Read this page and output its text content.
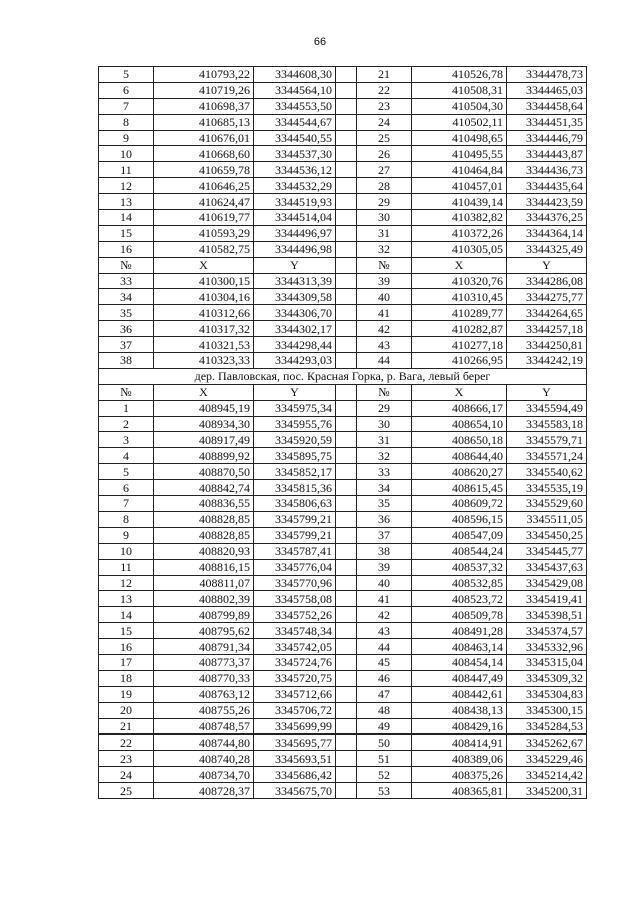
66
5	410793,22	3344608,30		21	410526,78	3344478,73
6	410719,26	3344564,10		22	410508,31	3344465,03
7	410698,37	3344553,50		23	410504,30	3344458,64
8	410685,13	3344544,67		24	410502,11	3344451,35
9	410676,01	3344540,55		25	410498,65	3344446,79
10	410668,60	3344537,30		26	410495,55	3344443,87
11	410659,78	3344536,12		27	410464,84	3344436,73
12	410646,25	3344532,29		28	410457,01	3344435,64
13	410624,47	3344519,93		29	410439,14	3344423,59
14	410619,77	3344514,04		30	410382,82	3344376,25
15	410593,29	3344496,97		31	410372,26	3344364,14
16	410582,75	3344496,98		32	410305,05	3344325,49
№	X	Y		№	X	Y
33	410300,15	3344313,39		39	410320,76	3344286,08
34	410304,16	3344309,58		40	410310,45	3344275,77
35	410312,66	3344306,70		41	410289,77	3344264,65
36	410317,32	3344302,17		42	410282,87	3344257,18
37	410321,53	3344298,44		43	410277,18	3344250,81
38	410323,33	3344293,03		44	410266,95	3344242,19
дер. Павловская, пос. Красная Горка, р. Вага, левый берег						
№	X	Y		№	X	Y
1	408945,19	3345975,34		29	408666,17	3345594,49
2	408934,30	3345955,76		30	408654,10	3345583,18
3	408917,49	3345920,59		31	408650,18	3345579,71
4	408899,92	3345895,75		32	408644,40	3345571,24
5	408870,50	3345852,17		33	408620,27	3345540,62
6	408842,74	3345815,36		34	408615,45	3345535,19
7	408836,55	3345806,63		35	408609,72	3345529,60
8	408828,85	3345799,21		36	408596,15	3345511,05
9	408828,85	3345799,21		37	408547,09	3345450,25
10	408820,93	3345787,41		38	408544,24	3345445,77
11	408816,15	3345776,04		39	408537,32	3345437,63
12	408811,07	3345770,96		40	408532,85	3345429,08
13	408802,39	3345758,08		41	408523,72	3345419,41
14	408799,89	3345752,26		42	408509,78	3345398,51
15	408795,62	3345748,34		43	408491,28	3345374,57
16	408791,34	3345742,05		44	408463,14	3345332,96
17	408773,37	3345724,76		45	408454,14	3345315,04
18	408770,33	3345720,75		46	408447,49	3345309,32
19	408763,12	3345712,66		47	408442,61	3345304,83
20	408755,26	3345706,72		48	408438,13	3345300,15
21	408748,57	3345699,99		49	408429,16	3345284,53
22	408744,80	3345695,77		50	408414,91	3345262,67
23	408740,28	3345693,51		51	408389,06	3345229,46
24	408734,70	3345686,42		52	408375,26	3345214,42
25	408728,37	3345675,70		53	408365,81	3345200,31
